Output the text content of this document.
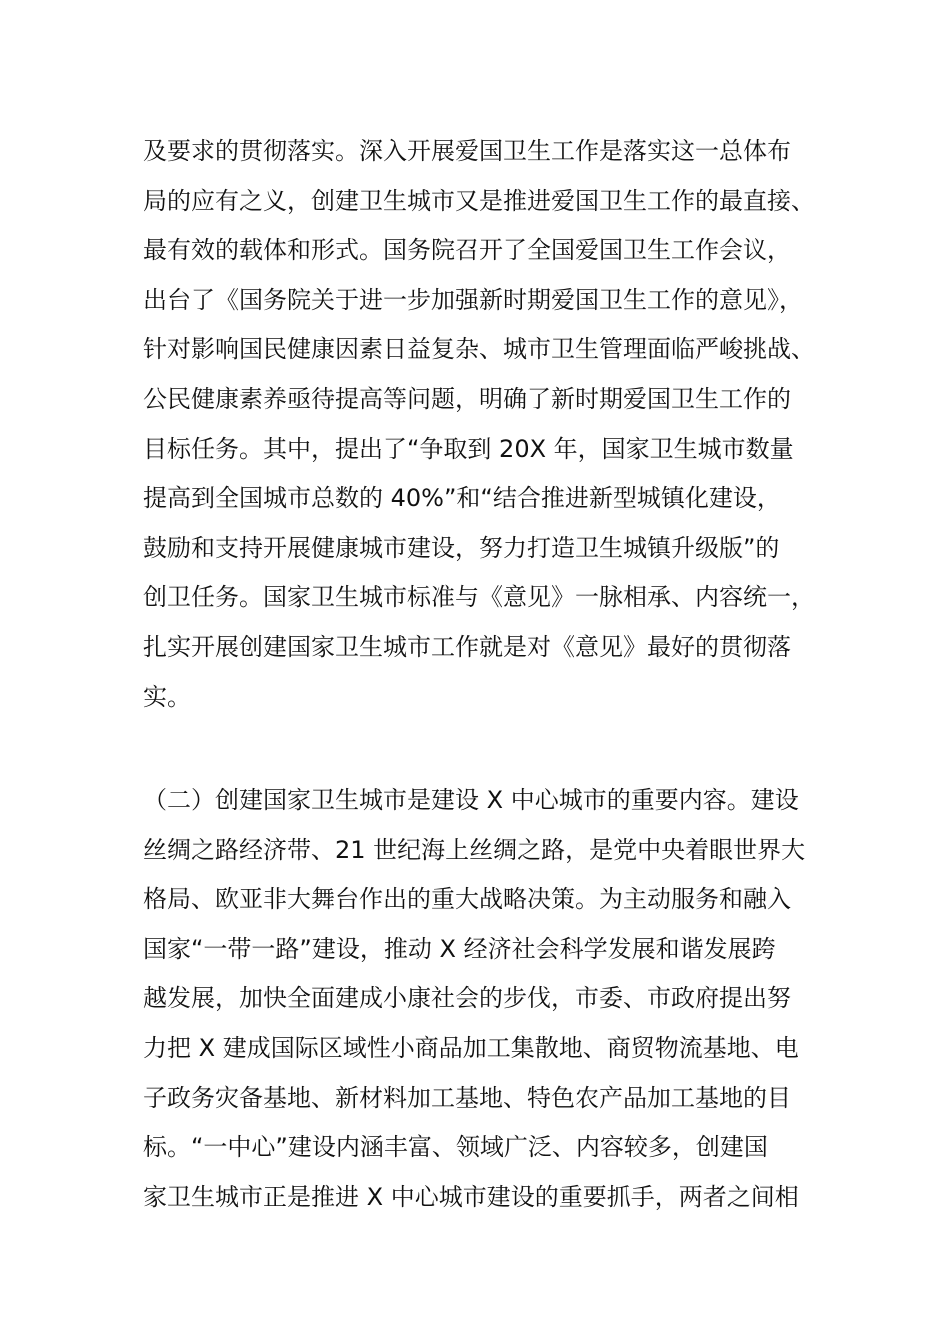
及要求的贯彻落实。深入开展爱国卫生工作是落实这一总体布
局的应有之义，创建卫生城市又是推进爱国卫生工作的最直接、
最有效的载体和形式。国务院召开了全国爱国卫生工作会议，
出台了《国务院关于进一步加强新时期爱国卫生工作的意见》，
针对影响国民健康因素日益复杂、城市卫生管理面临严峻挑战、
公民健康素养亟待提高等问题，明确了新时期爱国卫生工作的
目标任务。其中，提出了“争取到 20X 年，国家卫生城市数量
提高到全国城市总数的 40%”和“结合推进新型城镇化建设，
鼓励和支持开展健康城市建设，努力打造卫生城镇升级版”的
创卫任务。国家卫生城市标准与《意见》一脉相承、内容统一，
扎实开展创建国家卫生城市工作就是对《意见》最好的贯彻落
实。
（二）创建国家卫生城市是建设 X 中心城市的重要内容。建设
丝绸之路经济带、21 世纪海上丝绸之路，是党中央着眼世界大
格局、欧亚非大舞台作出的重大战略决策。为主动服务和融入
国家“一带一路”建设，推动 X 经济社会科学发展和谐发展跨
越发展，加快全面建成小康社会的步伐，市委、市政府提出努
力把 X 建成国际区域性小商品加工集散地、商贸物流基地、电
子政务灾备基地、新材料加工基地、特色农产品加工基地的目
标。“一中心”建设内涵丰富、领域广泛、内容较多，创建国
家卫生城市正是推进 X 中心城市建设的重要抓手，两者之间相
